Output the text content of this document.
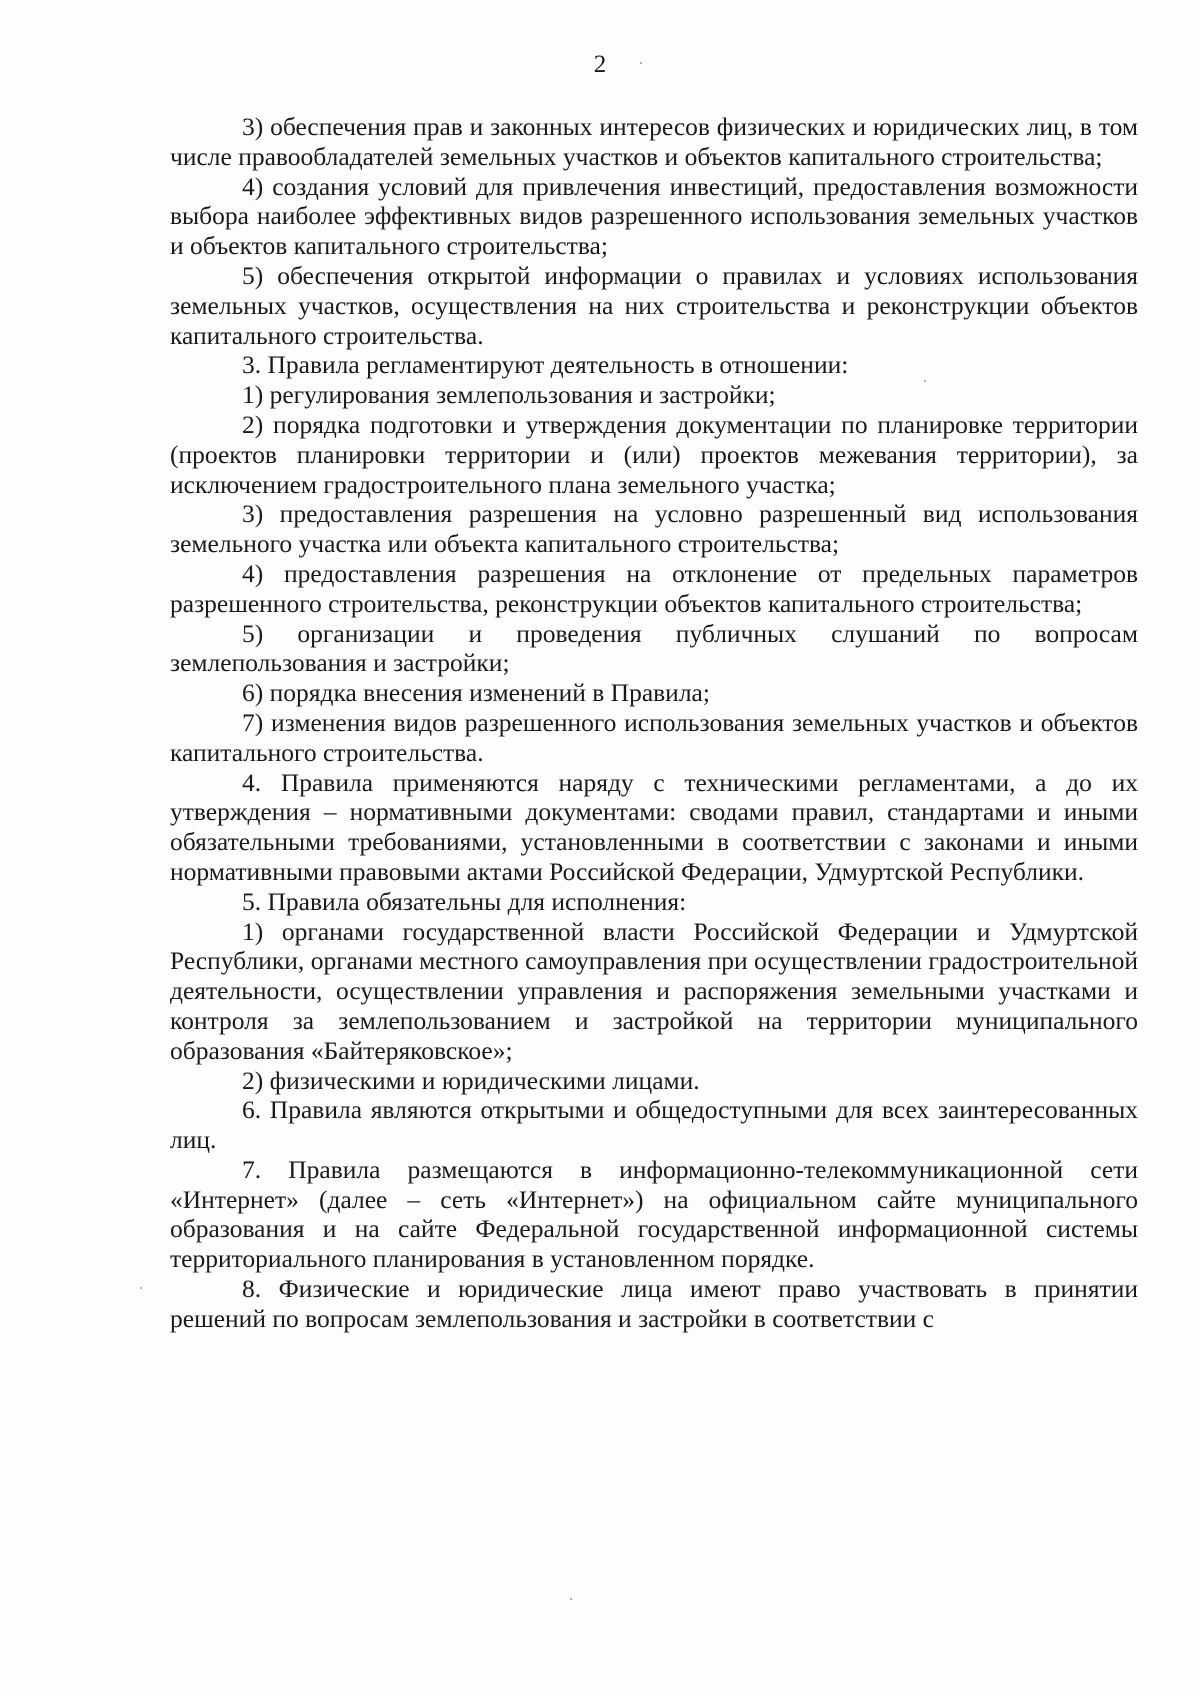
2

3) обеспечения прав и законных интересов физических и юридических лиц, в том числе правообладателей земельных участков и объектов капитального строительства;

4) создания условий для привлечения инвестиций, предоставления возможности выбора наиболее эффективных видов разрешенного использования земельных участков и объектов капитального строительства;

5) обеспечения открытой информации о правилах и условиях использования земельных участков, осуществления на них строительства и реконструкции объектов капитального строительства.

3. Правила регламентируют деятельность в отношении:

1) регулирования землепользования и застройки;

2) порядка подготовки и утверждения документации по планировке территории (проектов планировки территории и (или) проектов межевания территории), за исключением градостроительного плана земельного участка;

3) предоставления разрешения на условно разрешенный вид использования земельного участка или объекта капитального строительства;

4) предоставления разрешения на отклонение от предельных параметров разрешенного строительства, реконструкции объектов капитального строительства;

5) организации и проведения публичных слушаний по вопросам землепользования и застройки;

6) порядка внесения изменений в Правила;

7) изменения видов разрешенного использования земельных участков и объектов капитального строительства.

4. Правила применяются наряду с техническими регламентами, а до их утверждения – нормативными документами: сводами правил, стандартами и иными обязательными требованиями, установленными в соответствии с законами и иными нормативными правовыми актами Российской Федерации, Удмуртской Республики.

5. Правила обязательны для исполнения:

1) органами государственной власти Российской Федерации и Удмуртской Республики, органами местного самоуправления при осуществлении градостроительной деятельности, осуществлении управления и распоряжения земельными участками и контроля за землепользованием и застройкой на территории муниципального образования «Байтеряковское»;

2) физическими и юридическими лицами.

6. Правила являются открытыми и общедоступными для всех заинтересованных лиц.

7. Правила размещаются в информационно-телекоммуникационной сети «Интернет» (далее – сеть «Интернет») на официальном сайте муниципального образования и на сайте Федеральной государственной информационной системы территориального планирования в установленном порядке.

8. Физические и юридические лица имеют право участвовать в принятии решений по вопросам землепользования и застройки в соответствии с
